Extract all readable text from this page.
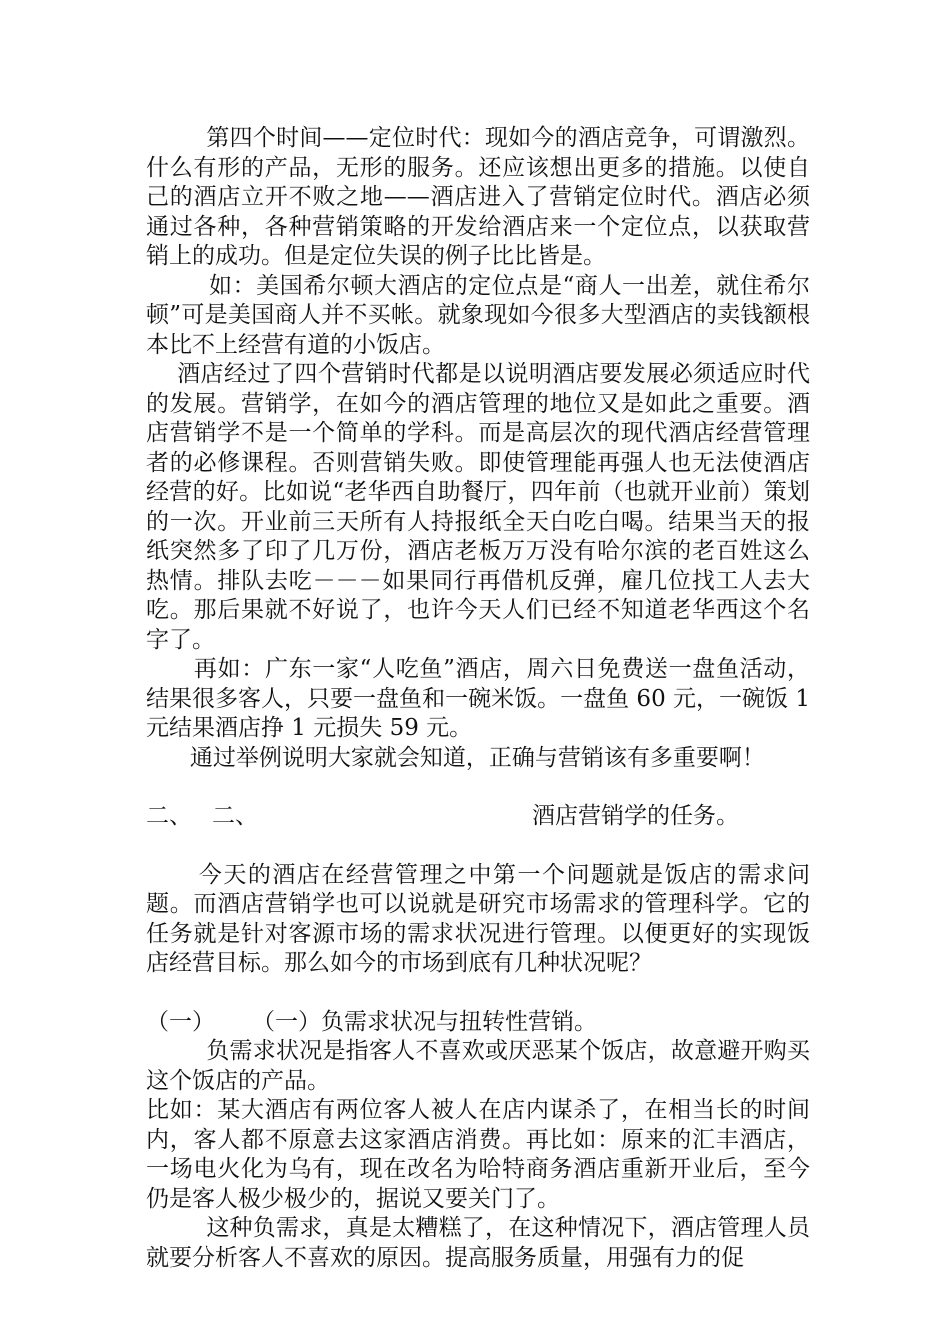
第四个时间——定位时代：现如今的酒店竞争，可谓激烈。什么有形的产品，无形的服务。还应该想出更多的措施。以使自己的酒店立开不败之地——酒店进入了营销定位时代。酒店必须通过各种，各种营销策略的开发给酒店来一个定位点，以获取营销上的成功。但是定位失误的例子比比皆是。

如：美国希尔顿大酒店的定位点是“商人一出差，就住希尔顿”可是美国商人并不买帐。就象现如今很多大型酒店的卖钱额根本比不上经营有道的小饭店。

酒店经过了四个营销时代都是以说明酒店要发展必须适应时代的发展。营销学，在如今的酒店管理的地位又是如此之重要。酒店营销学不是一个简单的学科。而是高层次的现代酒店经营管理者的必修课程。否则营销失败。即使管理能再强人也无法使酒店经营的好。比如说“老华西自助餐厅，四年前（也就开业前）策划的一次。开业前三天所有人持报纸全天白吃白喝。结果当天的报纸突然多了印了几万份，酒店老板万万没有哈尔滨的老百姓这么热情。排队去吃－－－如果同行再借机反弹，雇几位找工人去大吃。那后果就不好说了，也许今天人们已经不知道老华西这个名字了。

再如：广东一家“人吃鱼”酒店，周六日免费送一盘鱼活动，结果很多客人，只要一盘鱼和一碗米饭。一盘鱼 60 元，一碗饭 1 元结果酒店挣 1 元损失 59 元。

通过举例说明大家就会知道，正确与营销该有多重要啊！

二、 二、	酒店营销学的任务。

今天的酒店在经营管理之中第一个问题就是饭店的需求问题。而酒店营销学也可以说就是研究市场需求的管理科学。它的任务就是针对客源市场的需求状况进行管理。以便更好的实现饭店经营目标。那么如今的市场到底有几种状况呢？

（一） （一）负需求状况与扭转性营销。

负需求状况是指客人不喜欢或厌恶某个饭店，故意避开购买这个饭店的产品。

比如：某大酒店有两位客人被人在店内谋杀了，在相当长的时间内，客人都不原意去这家酒店消费。再比如：原来的汇丰酒店，一场电火化为乌有，现在改名为哈特商务酒店重新开业后，至今仍是客人极少极少的，据说又要关门了。

这种负需求，真是太糟糕了，在这种情况下，酒店管理人员就要分析客人不喜欢的原因。提高服务质量，用强有力的促
